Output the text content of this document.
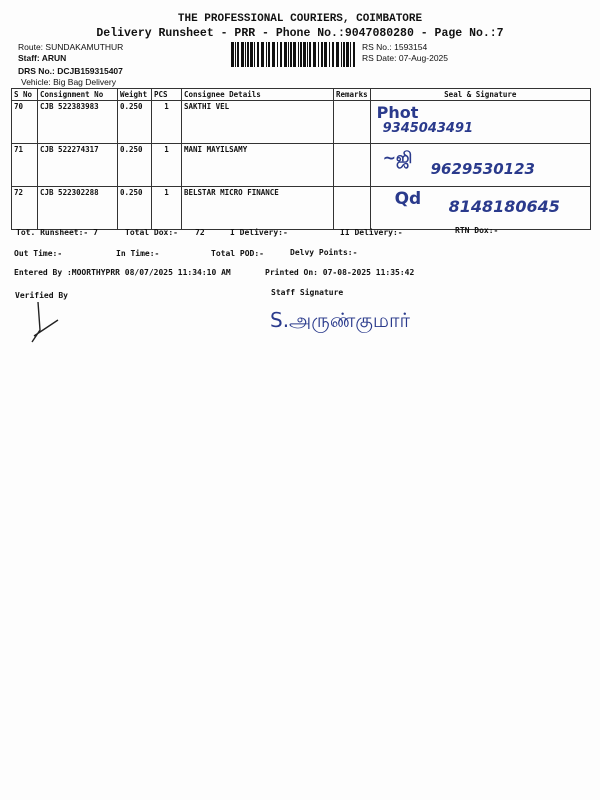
THE PROFESSIONAL COURIERS, COIMBATORE
Delivery Runsheet - PRR - Phone No.:9047080280 - Page No.:7
Route: SUNDAKAMUTHUR
Staff: ARUN
DRS No.: DCJB159315407
Vehicle: Big Bag Delivery
RS No.: 1593154
RS Date: 07-Aug-2025
S No	Consignment No	Weight	PCS	Consignee Details	Remarks	Seal & Signature
70	CJB 522383983	0.250	1	SAKTHI VEL		Phot
9345043491

71	CJB 522274317	0.250	1	MANI MAYILSAMY		~ஜி
9629530123

72	CJB 522302288	0.250	1	BELSTAR MICRO FINANCE		Qd 8148180645
Tot. Runsheet:- 7	Total Dox:- 72	I Delivery:-	II Delivery:-	RTN Dox:-
Out Time:-	In Time:-	Total POD:-	Delvy Points:-
Entered By :MOORTHYPRR 08/07/2025 11:34:10 AM	Printed On: 07-08-2025 11:35:42
Verified By	Staff Signature
S.அருண்குமார்
